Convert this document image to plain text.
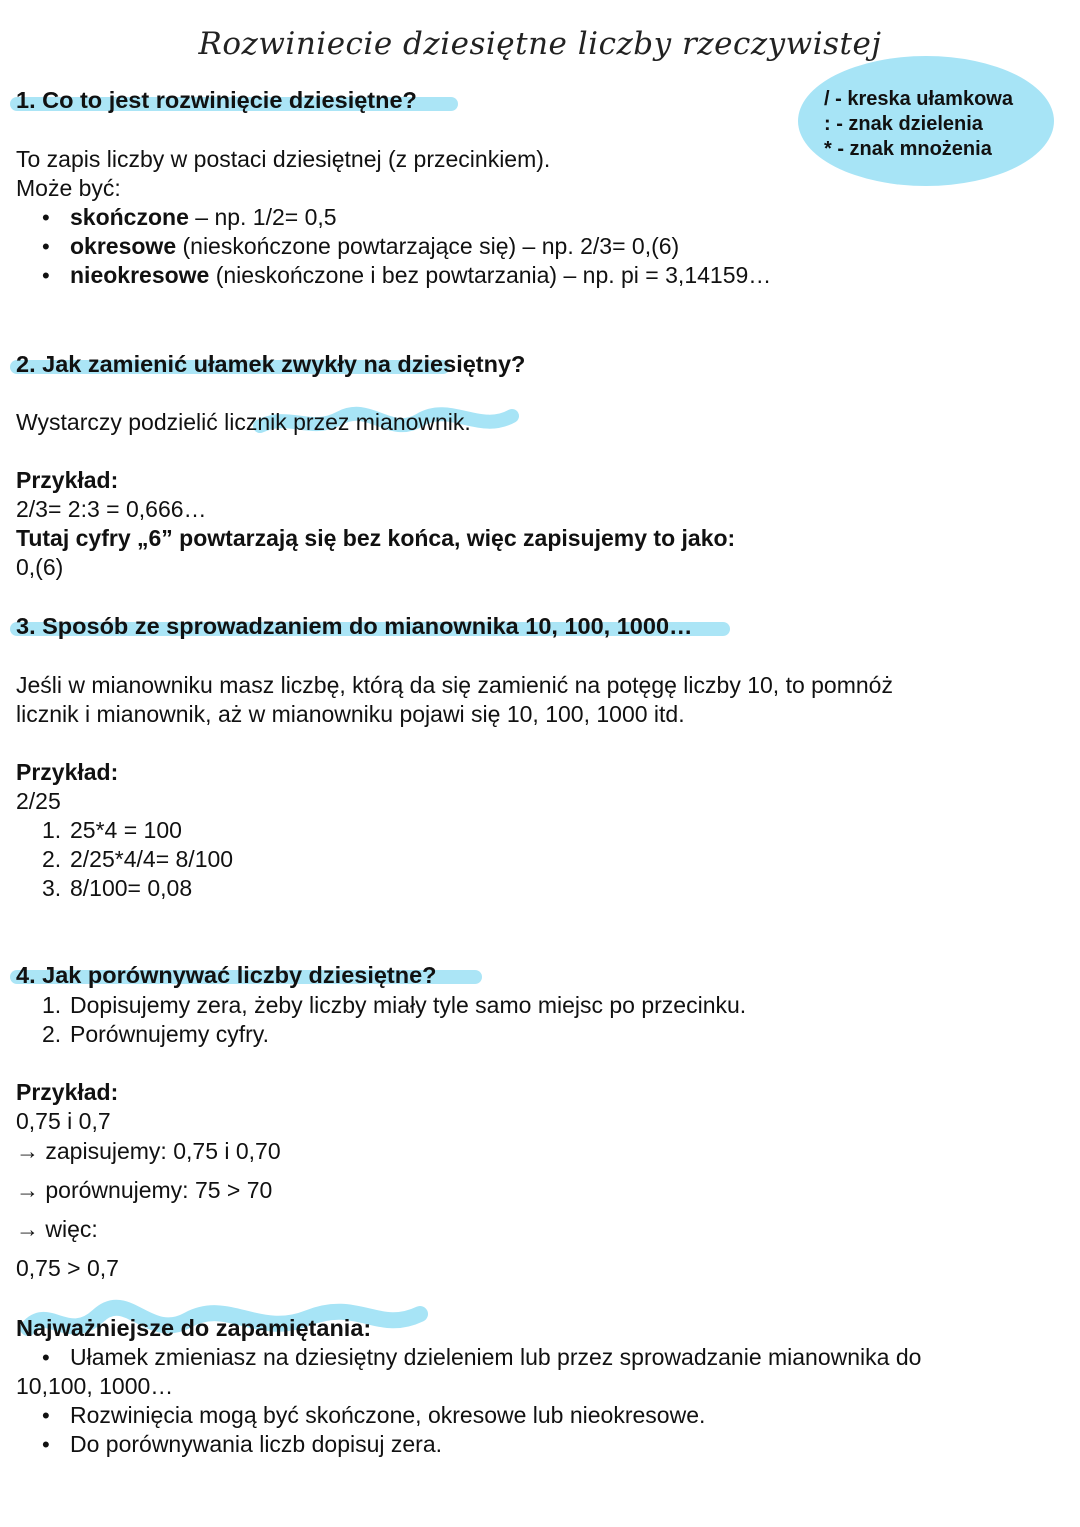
Rozwiniecie dziesiętne liczby rzeczywistej
/ - kreska ułamkowa
: - znak dzielenia
* - znak mnożenia
1. Co to jest rozwinięcie dziesiętne?
To zapis liczby w postaci dziesiętnej (z przecinkiem).
Może być:
• skończone – np. 1/2= 0,5
• okresowe (nieskończone powtarzające się) – np. 2/3= 0,(6)
• nieokresowe (nieskończone i bez powtarzania) – np. pi = 3,14159…
2. Jak zamienić ułamek zwykły na dziesiętny?
Wystarczy podzielić licznik przez mianownik.
Przykład:
2/3= 2:3 = 0,666…
Tutaj cyfry „6” powtarzają się bez końca, więc zapisujemy to jako:
0,(6)
3. Sposób ze sprowadzaniem do mianownika 10, 100, 1000…
Jeśli w mianowniku masz liczbę, którą da się zamienić na potęgę liczby 10, to pomnóż
licznik i mianownik, aż w mianowniku pojawi się 10, 100, 1000 itd.
Przykład:
2/25
1. 25*4 = 100
2. 2/25*4/4= 8/100
3. 8/100= 0,08
4. Jak porównywać liczby dziesiętne?
1. Dopisujemy zera, żeby liczby miały tyle samo miejsc po przecinku.
2. Porównujemy cyfry.
Przykład:
0,75 i 0,7
→ zapisujemy: 0,75 i 0,70
→ porównujemy: 75 > 70
→ więc:
0,75 > 0,7
Najważniejsze do zapamiętania:
• Ułamek zmieniasz na dziesiętny dzieleniem lub przez sprowadzanie mianownika do
10,100, 1000…
• Rozwinięcia mogą być skończone, okresowe lub nieokresowe.
• Do porównywania liczb dopisuj zera.
